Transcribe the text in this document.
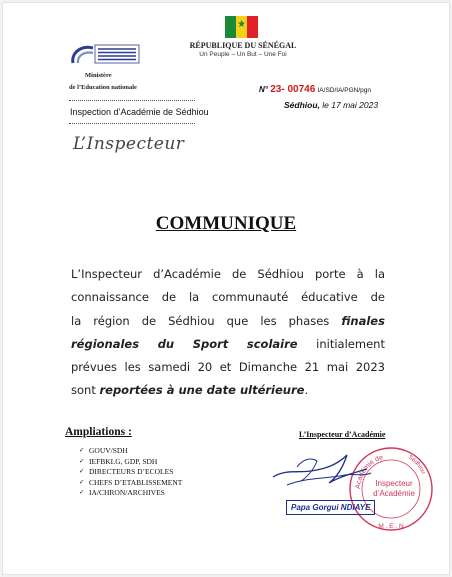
★
RÉPUBLIQUE DU SÉNÉGAL
Un Peuple – Un But – Une Foi
Ministère
de l’Education nationale
Inspection d’Académie de Sédhiou
L’Inspecteur
N° 23- 00746 IA/SD/IA/PGN/pgn
Sédhiou, le 17 mai 2023
COMMUNIQUE
L’Inspecteur d’Académie de Sédhiou porte à la
connaissance de la communauté éducative de
la région de Sédhiou que les phases finales
régionales du Sport scolaire initialement
prévues les samedi 20 et Dimanche 21 mai 2023
sont
reportées à une date ultérieure .
Ampliations :
✓ GOUV/SDH
✓ IEFBKLG, GDP, SDH
✓ DIRECTEURS D’ECOLES
✓ CHEFS D’ETABLISSEMENT
✓ IA/CHRON/ARCHIVES
L’Inspecteur d’Académie
Académie de	Sédhiou
Inspecteur
d’Académie
M . E . N
Papa Gorgui NDIAYE
